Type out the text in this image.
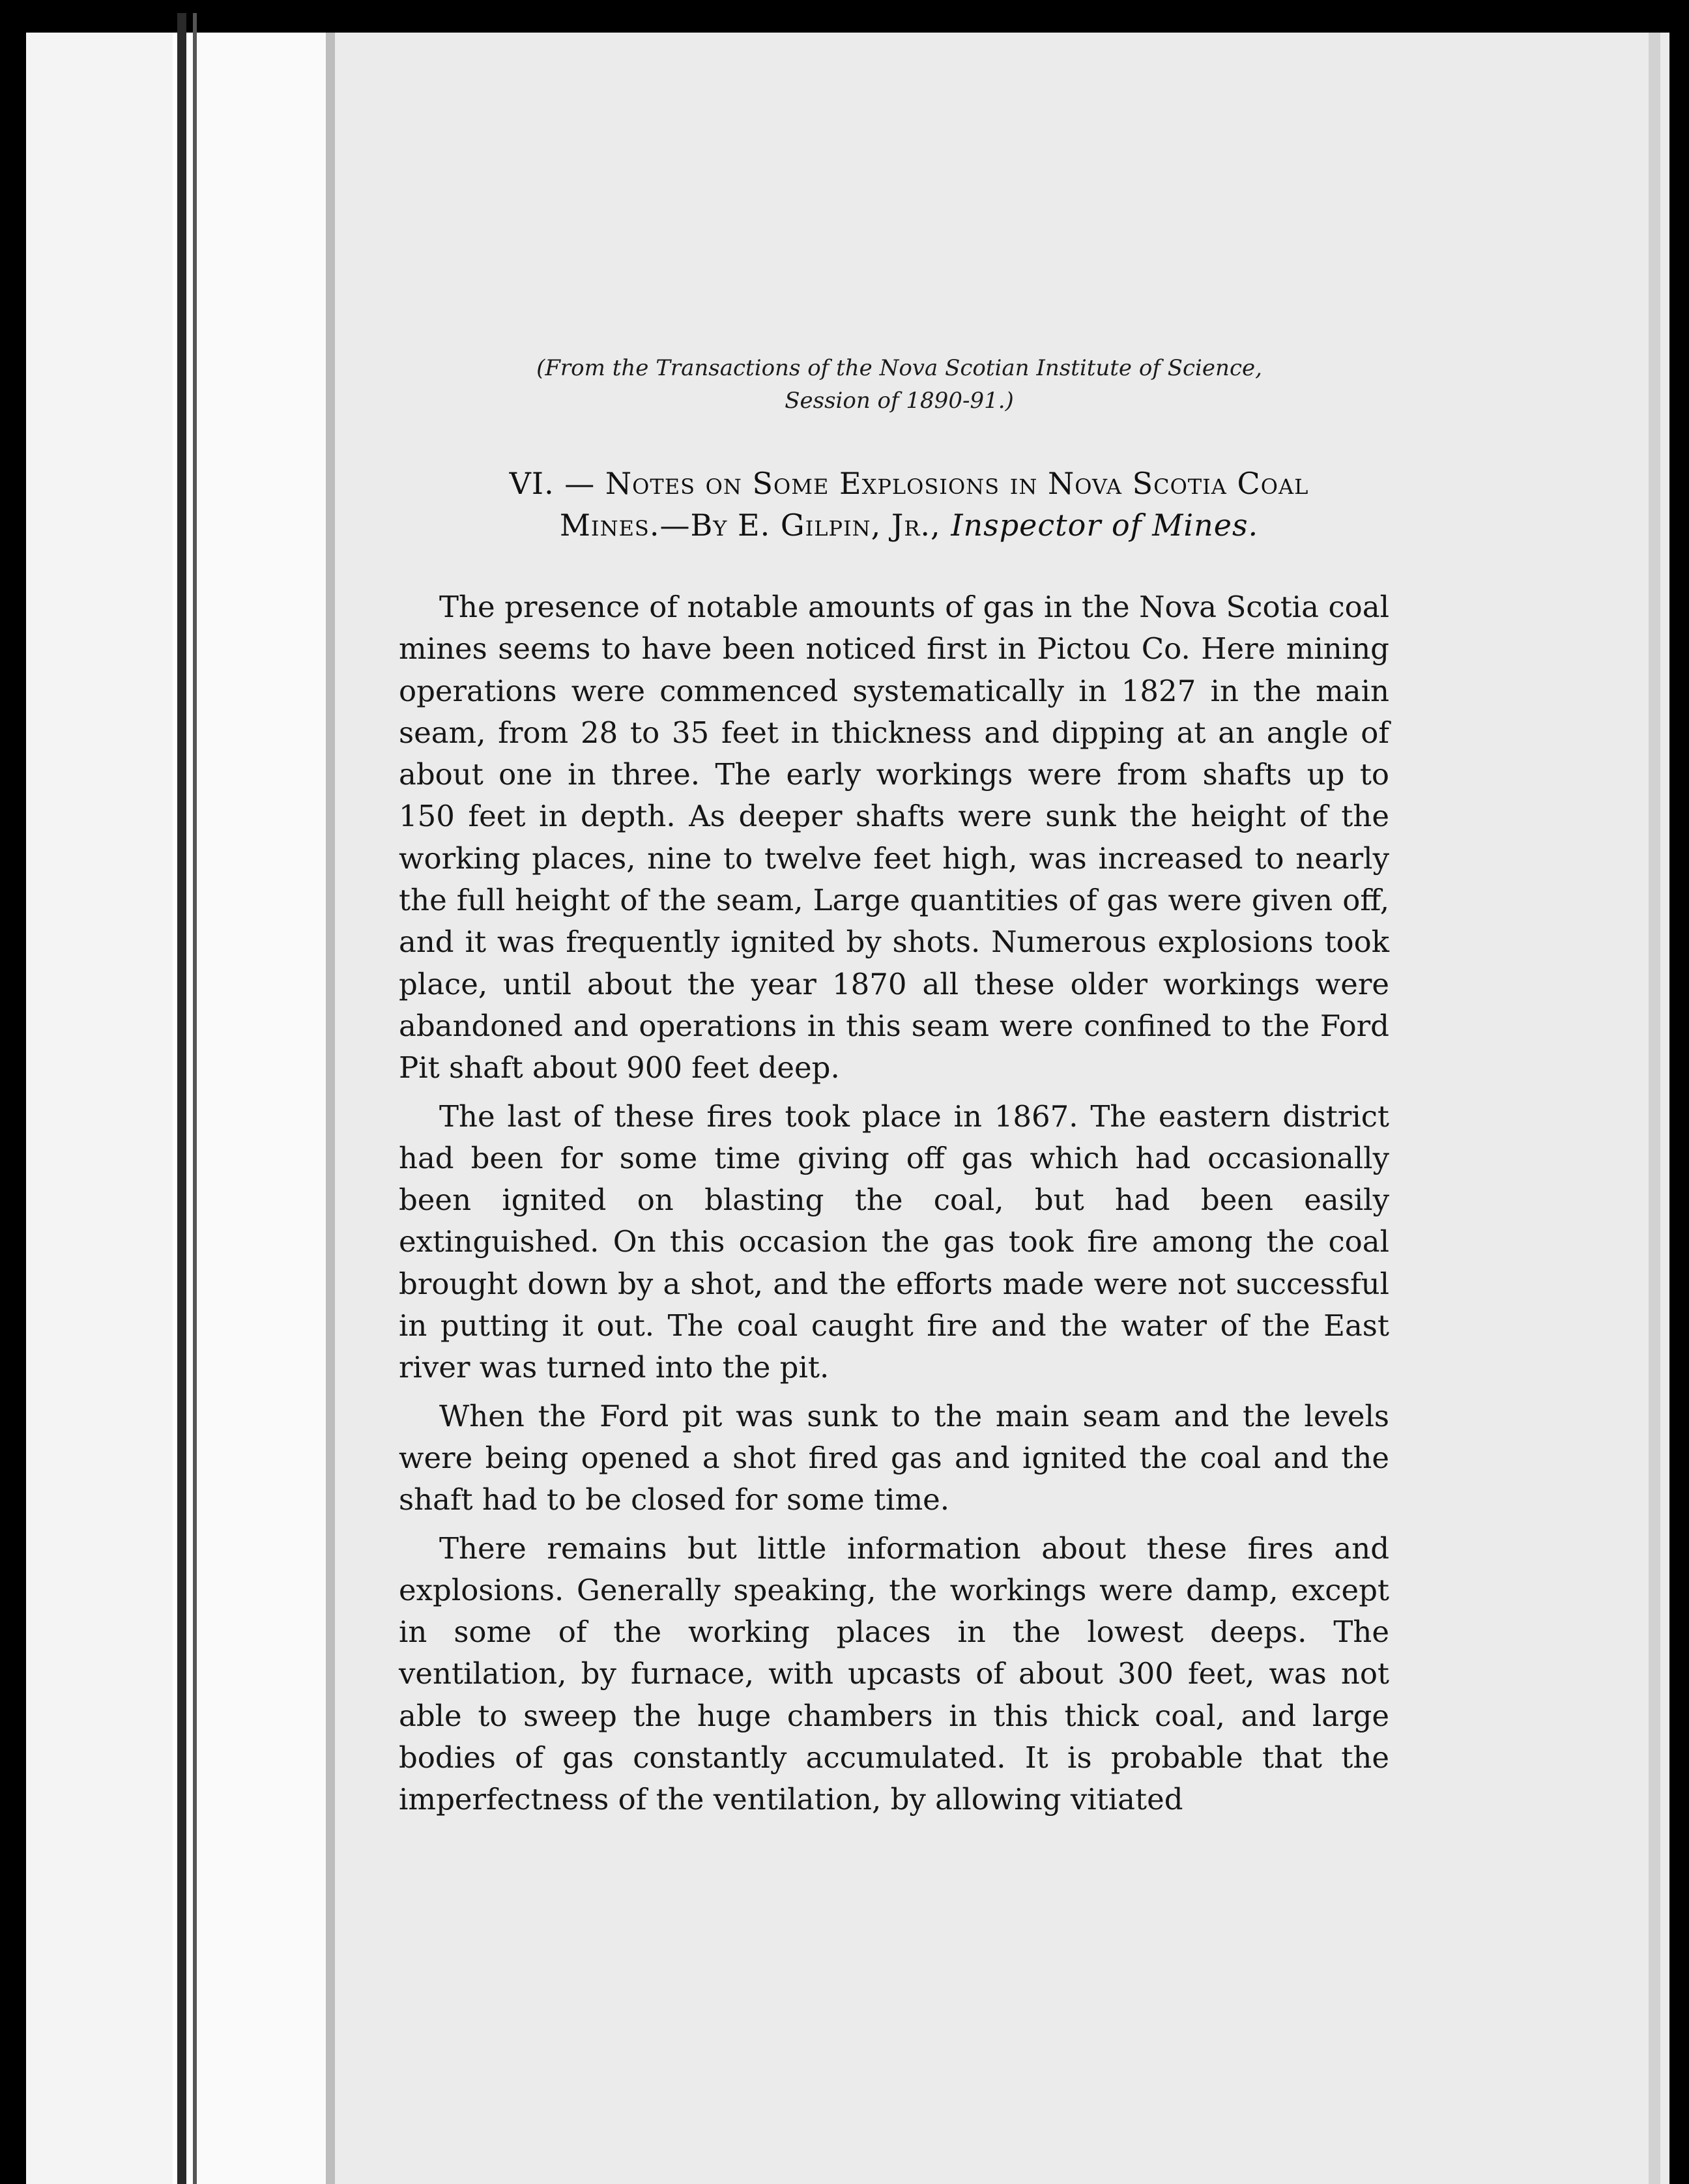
(From the Transactions of the Nova Scotian Institute of Science,
Session of 1890-91.)

VI. — Notes on Some Explosions in Nova Scotia Coal
Mines.—By E. Gilpin, Jr., Inspector of Mines.

The presence of notable amounts of gas in the Nova Scotia coal mines seems to have been noticed first in Pictou Co. Here mining operations were commenced systematically in 1827 in the main seam, from 28 to 35 feet in thickness and dipping at an angle of about one in three. The early workings were from shafts up to 150 feet in depth. As deeper shafts were sunk the height of the working places, nine to twelve feet high, was increased to nearly the full height of the seam, Large quantities of gas were given off, and it was frequently ignited by shots. Numerous explosions took place, until about the year 1870 all these older workings were abandoned and operations in this seam were confined to the Ford Pit shaft about 900 feet deep.

The last of these fires took place in 1867. The eastern district had been for some time giving off gas which had occasionally been ignited on blasting the coal, but had been easily extinguished. On this occasion the gas took fire among the coal brought down by a shot, and the efforts made were not successful in putting it out. The coal caught fire and the water of the East river was turned into the pit.

When the Ford pit was sunk to the main seam and the levels were being opened a shot fired gas and ignited the coal and the shaft had to be closed for some time.

There remains but little information about these fires and explosions. Generally speaking, the workings were damp, except in some of the working places in the lowest deeps. The ventilation, by furnace, with upcasts of about 300 feet, was not able to sweep the huge chambers in this thick coal, and large bodies of gas constantly accumulated. It is probable that the imperfectness of the ventilation, by allowing vitiated
